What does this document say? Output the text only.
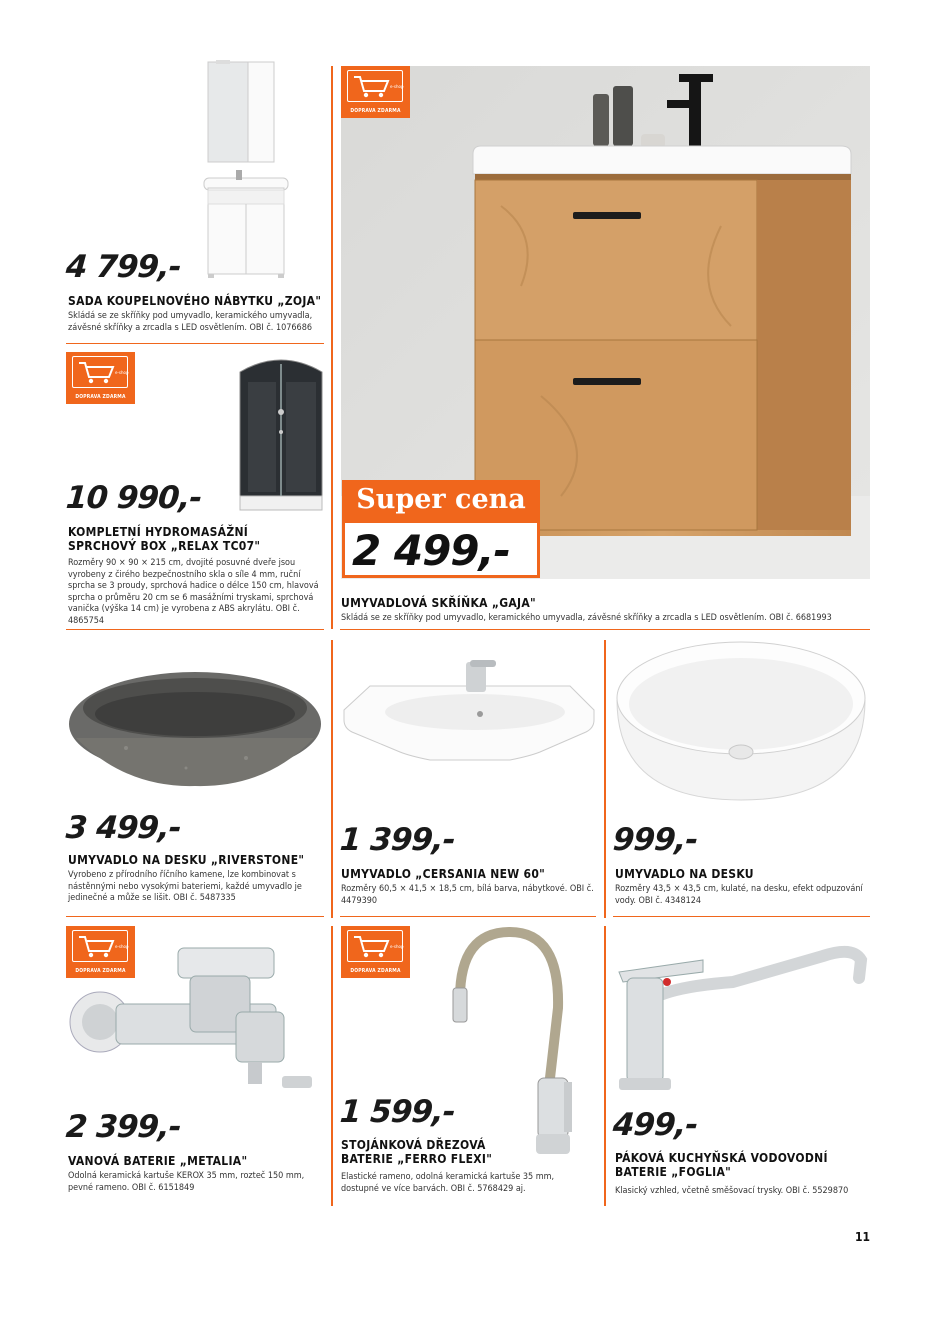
4 799,-
SADA KOUPELNOVÉHO NÁBYTKU „ZOJA"
Skládá se ze skříňky pod umyvadlo, keramického umyvadla, závěsné skříňky a zrcadla s LED osvětlením. OBI č. 1076686
e-shop
DOPRAVA ZDARMA
10 990,-
KOMPLETNÍ HYDROMASÁŽNÍ SPRCHOVÝ BOX „RELAX TC07"
Rozměry 90 × 90 × 215 cm, dvojité posuvné dveře jsou vyrobeny z čirého bezpečnostního skla o síle 4 mm, ruční sprcha se 3 proudy, sprchová hadice o délce 150 cm, hlavová sprcha o průměru 20 cm se 6 masážními tryskami, sprchová vanička (výška 14 cm) je vyrobena z ABS akrylátu. OBI č. 4865754
e-shop
DOPRAVA ZDARMA
Super cena
2 499,-
UMYVADLOVÁ SKŘÍŇKA „GAJA"
Skládá se ze skříňky pod umyvadlo, keramického umyvadla, závěsné skříňky a zrcadla s LED osvětlením. OBI č. 6681993
3 499,-
UMYVADLO NA DESKU „RIVERSTONE"
Vyrobeno z přírodního říčního kamene, lze kombinovat s nástěnnými nebo vysokými bateriemi, každé umyvadlo je jedinečné a může se lišit. OBI č. 5487335
1 399,-
UMYVADLO „CERSANIA NEW 60"
Rozměry 60,5 × 41,5 × 18,5 cm, bílá barva, nábytkové. OBI č. 4479390
999,-
UMYVADLO NA DESKU
Rozměry 43,5 × 43,5 cm, kulaté, na desku, efekt odpuzování vody. OBI č. 4348124
e-shop
DOPRAVA ZDARMA
2 399,-
VANOVÁ BATERIE „METALIA"
Odolná keramická kartuše KEROX 35 mm, rozteč 150 mm, pevné rameno. OBI č. 6151849
e-shop
DOPRAVA ZDARMA
1 599,-
STOJÁNKOVÁ DŘEZOVÁ BATERIE „FERRO FLEXI"
Elastické rameno, odolná keramická kartuše 35 mm, dostupné ve více barvách. OBI č. 5768429 aj.
499,-
PÁKOVÁ KUCHYŇSKÁ VODOVODNÍ BATERIE „FOGLIA"
Klasický vzhled, včetně směšovací trysky. OBI č. 5529870
11
